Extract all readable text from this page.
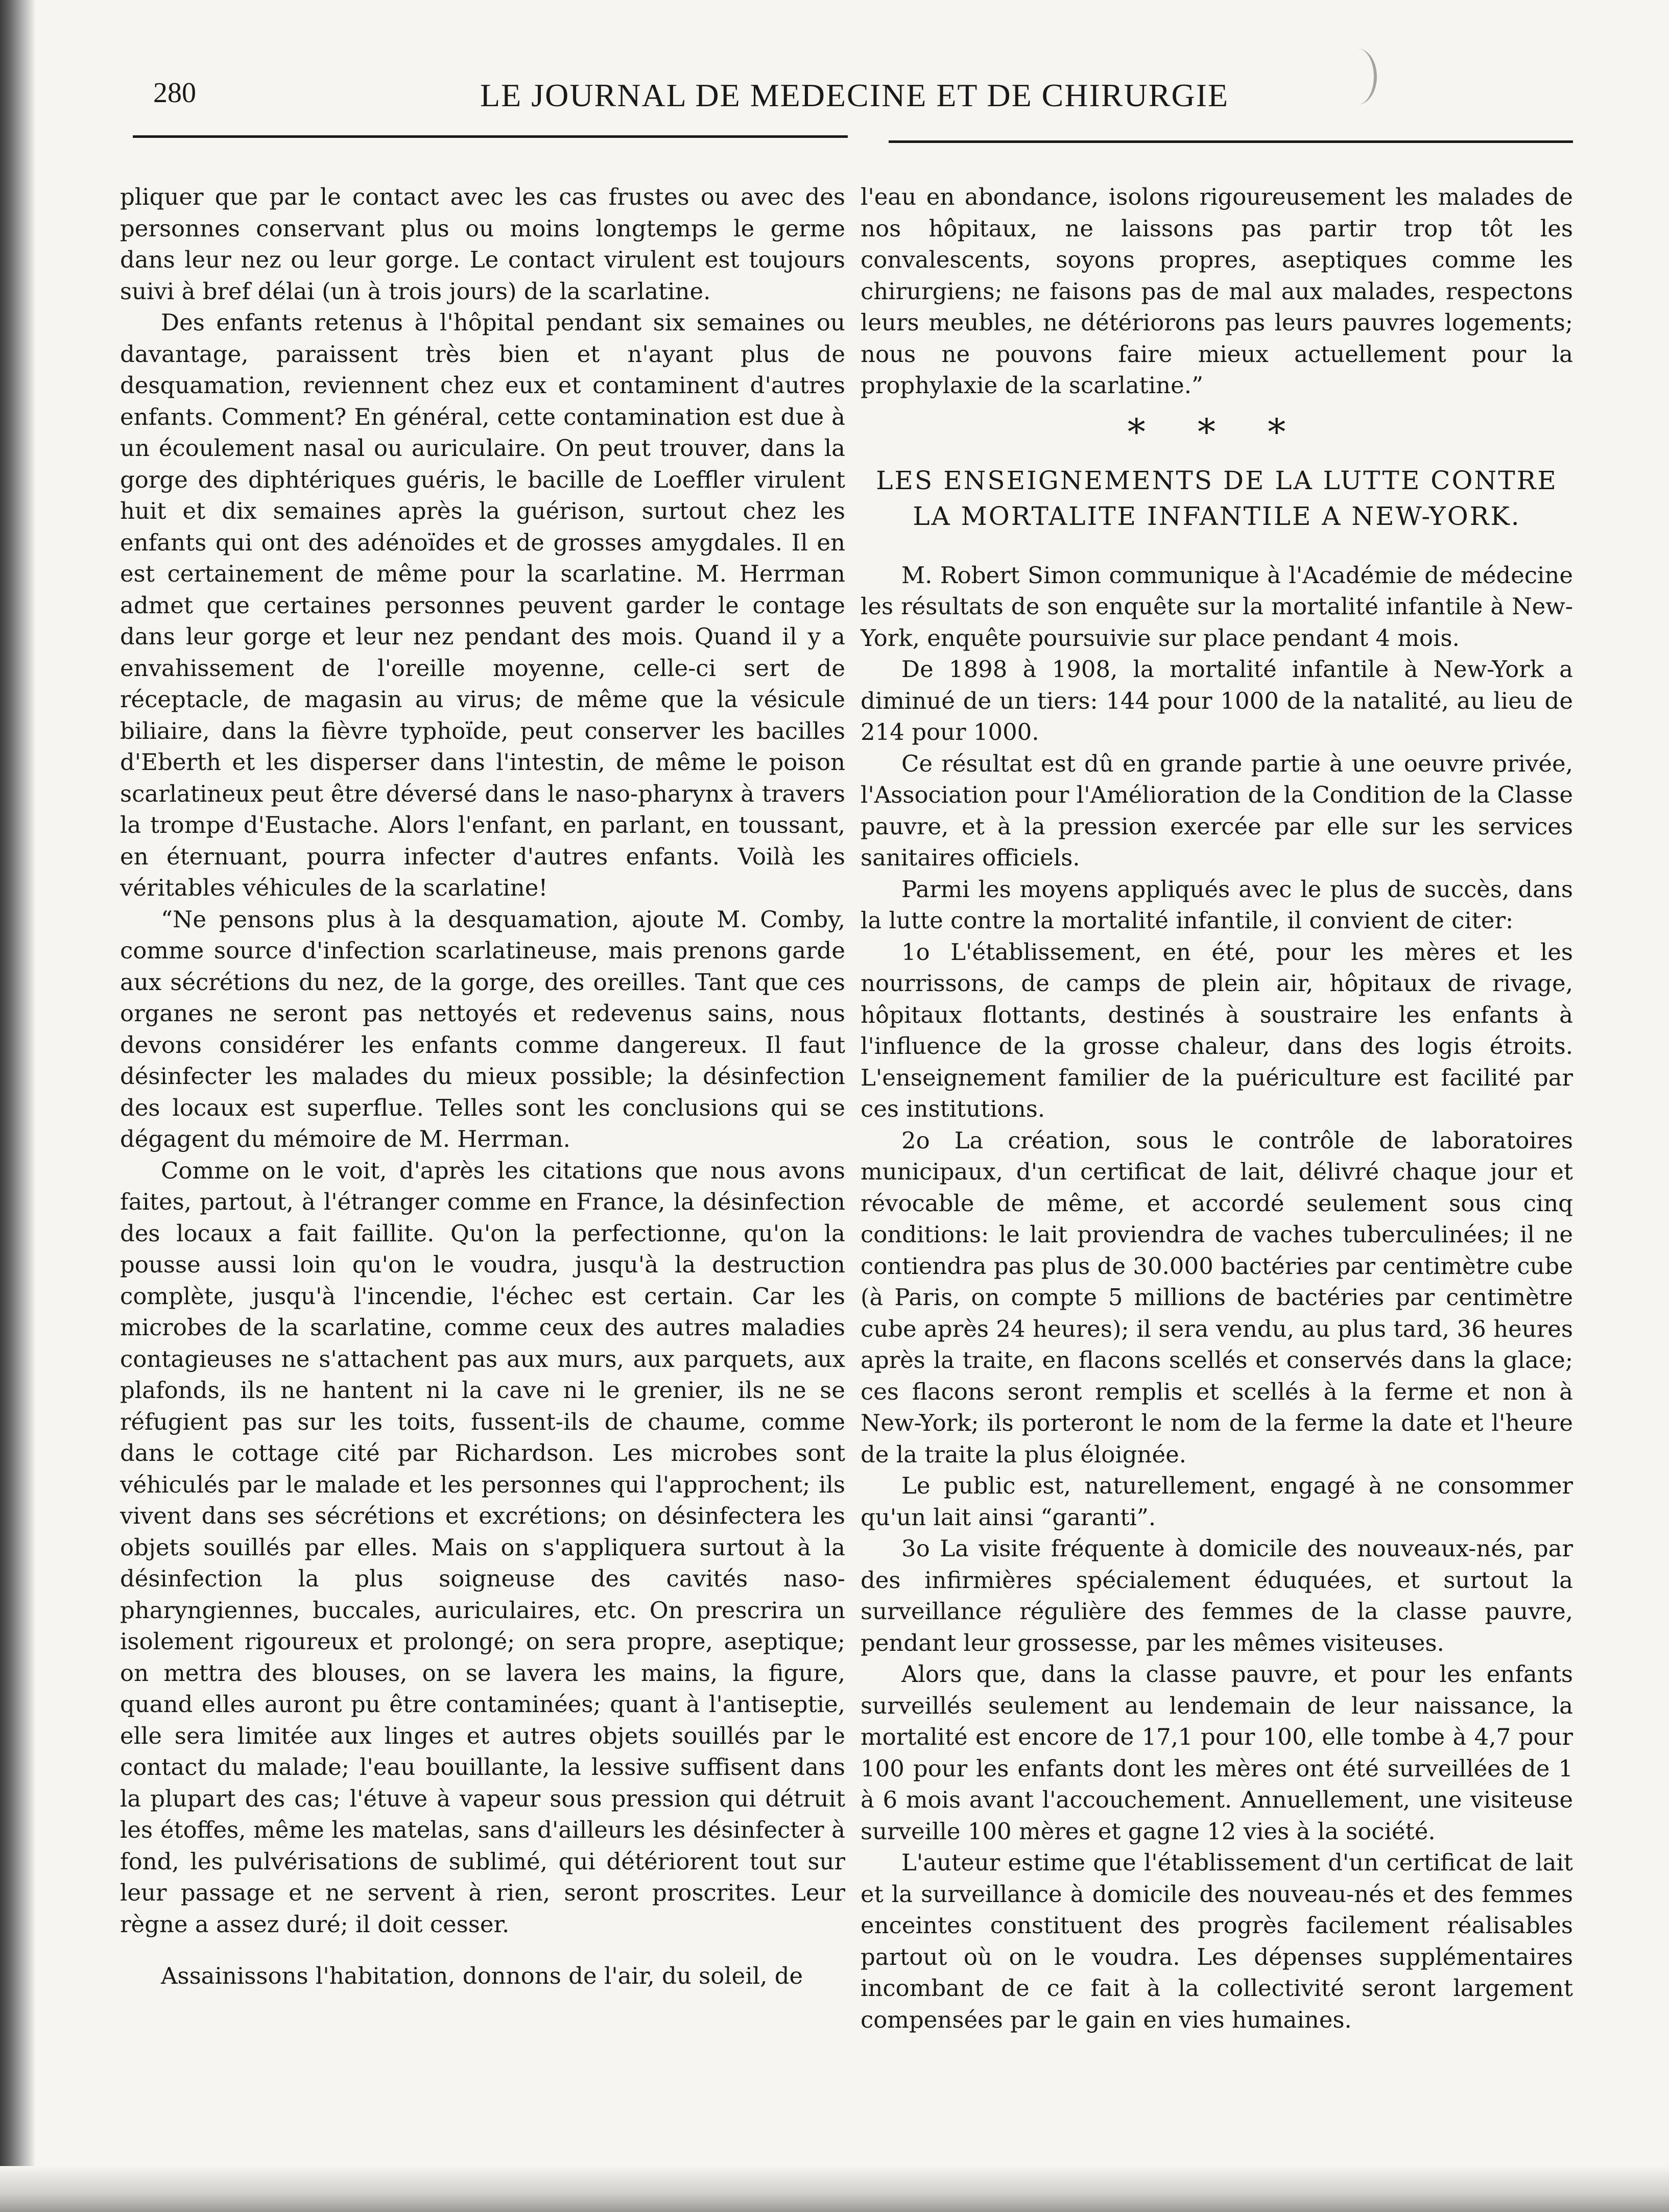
280	LE JOURNAL DE MEDECINE ET DE CHIRURGIE

pliquer que par le contact avec les cas frustes ou avec des personnes conservant plus ou moins longtemps le germe dans leur nez ou leur gorge. Le contact virulent est toujours suivi à bref délai (un à trois jours) de la scarlatine.

Des enfants retenus à l'hôpital pendant six semaines ou davantage, paraissent très bien et n'ayant plus de desquamation, reviennent chez eux et contaminent d'autres enfants. Comment? En général, cette contamination est due à un écoulement nasal ou auriculaire. On peut trouver, dans la gorge des diphtériques guéris, le bacille de Loeffler virulent huit et dix semaines après la guérison, surtout chez les enfants qui ont des adénoïdes et de grosses amygdales. Il en est certainement de même pour la scarlatine. M. Herrman admet que certaines personnes peuvent garder le contage dans leur gorge et leur nez pendant des mois. Quand il y a envahissement de l'oreille moyenne, celle-ci sert de réceptacle, de magasin au virus; de même que la vésicule biliaire, dans la fièvre typhoïde, peut conserver les bacilles d'Eberth et les disperser dans l'intestin, de même le poison scarlatineux peut être déversé dans le naso-pharynx à travers la trompe d'Eustache. Alors l'enfant, en parlant, en toussant, en éternuant, pourra infecter d'autres enfants. Voilà les véritables véhicules de la scarlatine!

“Ne pensons plus à la desquamation, ajoute M. Comby, comme source d'infection scarlatineuse, mais prenons garde aux sécrétions du nez, de la gorge, des oreilles. Tant que ces organes ne seront pas nettoyés et redevenus sains, nous devons considérer les enfants comme dangereux. Il faut désinfecter les malades du mieux possible; la désinfection des locaux est superflue. Telles sont les conclusions qui se dégagent du mémoire de M. Herrman.

Comme on le voit, d'après les citations que nous avons faites, partout, à l'étranger comme en France, la désinfection des locaux a fait faillite. Qu'on la perfectionne, qu'on la pousse aussi loin qu'on le voudra, jusqu'à la destruction complète, jusqu'à l'incendie, l'échec est certain. Car les microbes de la scarlatine, comme ceux des autres maladies contagieuses ne s'attachent pas aux murs, aux parquets, aux plafonds, ils ne hantent ni la cave ni le grenier, ils ne se réfugient pas sur les toits, fussent-ils de chaume, comme dans le cottage cité par Richardson. Les microbes sont véhiculés par le malade et les personnes qui l'approchent; ils vivent dans ses sécrétions et excrétions; on désinfectera les objets souillés par elles. Mais on s'appliquera surtout à la désinfection la plus soigneuse des cavités naso-pharyngiennes, buccales, auriculaires, etc. On prescrira un isolement rigoureux et prolongé; on sera propre, aseptique; on mettra des blouses, on se lavera les mains, la figure, quand elles auront pu être contaminées; quant à l'antiseptie, elle sera limitée aux linges et autres objets souillés par le contact du malade; l'eau bouillante, la lessive suffisent dans la plupart des cas; l'étuve à vapeur sous pression qui détruit les étoffes, même les matelas, sans d'ailleurs les désinfecter à fond, les pulvérisations de sublimé, qui détériorent tout sur leur passage et ne servent à rien, seront proscrites. Leur règne a assez duré; il doit cesser.

Assainissons l'habitation, donnons de l'air, du soleil, de

l'eau en abondance, isolons rigoureusement les malades de nos hôpitaux, ne laissons pas partir trop tôt les convalescents, soyons propres, aseptiques comme les chirurgiens; ne faisons pas de mal aux malades, respectons leurs meubles, ne détériorons pas leurs pauvres logements; nous ne pouvons faire mieux actuellement pour la prophylaxie de la scarlatine.”

* * *
LES ENSEIGNEMENTS DE LA LUTTE CONTRE
LA MORTALITE INFANTILE A NEW-YORK.

M. Robert Simon communique à l'Académie de médecine les résultats de son enquête sur la mortalité infantile à New-York, enquête poursuivie sur place pendant 4 mois.

De 1898 à 1908, la mortalité infantile à New-York a diminué de un tiers: 144 pour 1000 de la natalité, au lieu de 214 pour 1000.

Ce résultat est dû en grande partie à une oeuvre privée, l'Association pour l'Amélioration de la Condition de la Classe pauvre, et à la pression exercée par elle sur les services sanitaires officiels.

Parmi les moyens appliqués avec le plus de succès, dans la lutte contre la mortalité infantile, il convient de citer:

1o L'établissement, en été, pour les mères et les nourrissons, de camps de plein air, hôpitaux de rivage, hôpitaux flottants, destinés à soustraire les enfants à l'influence de la grosse chaleur, dans des logis étroits. L'enseignement familier de la puériculture est facilité par ces institutions.

2o La création, sous le contrôle de laboratoires municipaux, d'un certificat de lait, délivré chaque jour et révocable de même, et accordé seulement sous cinq conditions: le lait proviendra de vaches tuberculinées; il ne contiendra pas plus de 30.000 bactéries par centimètre cube (à Paris, on compte 5 millions de bactéries par centimètre cube après 24 heures); il sera vendu, au plus tard, 36 heures après la traite, en flacons scellés et conservés dans la glace; ces flacons seront remplis et scellés à la ferme et non à New-York; ils porteront le nom de la ferme la date et l'heure de la traite la plus éloignée.

Le public est, naturellement, engagé à ne consommer qu'un lait ainsi “garanti”.

3o La visite fréquente à domicile des nouveaux-nés, par des infirmières spécialement éduquées, et surtout la surveillance régulière des femmes de la classe pauvre, pendant leur grossesse, par les mêmes visiteuses.

Alors que, dans la classe pauvre, et pour les enfants surveillés seulement au lendemain de leur naissance, la mortalité est encore de 17,1 pour 100, elle tombe à 4,7 pour 100 pour les enfants dont les mères ont été surveillées de 1 à 6 mois avant l'accouchement. Annuellement, une visiteuse surveille 100 mères et gagne 12 vies à la société.

L'auteur estime que l'établissement d'un certificat de lait et la surveillance à domicile des nouveau-nés et des femmes enceintes constituent des progrès facilement réalisables partout où on le voudra. Les dépenses supplémentaires incombant de ce fait à la collectivité seront largement compensées par le gain en vies humaines.
